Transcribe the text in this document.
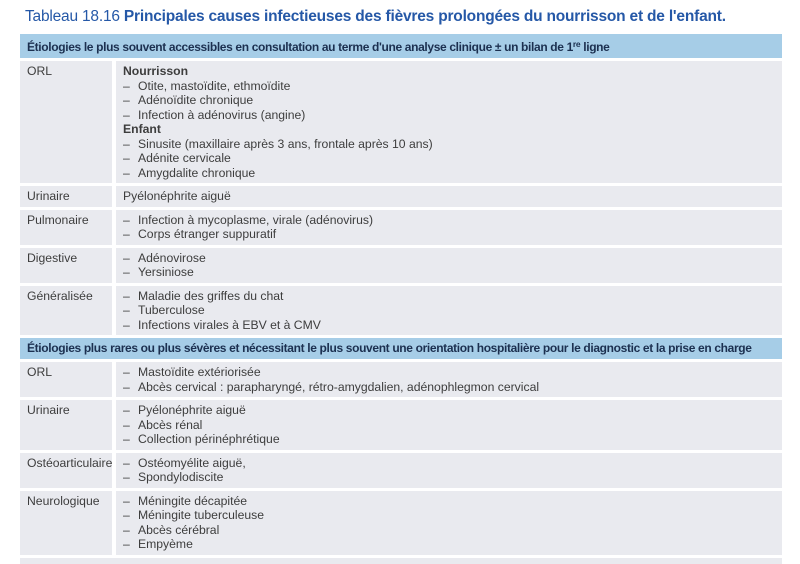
Tableau 18.16 Principales causes infectieuses des fièvres prolongées du nourrisson et de l'enfant.
Étiologies le plus souvent accessibles en consultation au terme d'une analyse clinique ± un bilan de 1re ligne
ORL	Nourrisson
– Otite, mastoïdite, ethmoïdite
– Adénoïdite chronique
– Infection à adénovirus (angine)
Enfant
– Sinusite (maxillaire après 3 ans, frontale après 10 ans)
– Adénite cervicale
– Amygdalite chronique
Urinaire	Pyélonéphrite aiguë
Pulmonaire	– Infection à mycoplasme, virale (adénovirus)
– Corps étranger suppuratif
Digestive	– Adénovirose
– Yersiniose
Généralisée	– Maladie des griffes du chat
– Tuberculose
– Infections virales à EBV et à CMV
Étiologies plus rares ou plus sévères et nécessitant le plus souvent une orientation hospitalière pour le diagnostic et la prise en charge
ORL	– Mastoïdite extériorisée
– Abcès cervical : parapharyngé, rétro-amygdalien, adénophlegmon cervical
Urinaire	– Pyélonéphrite aiguë
– Abcès rénal
– Collection périnéphrétique
Ostéoarticulaire – Ostéomyélite aiguë,
– Spondylodiscite
Neurologique	– Méningite décapitée
– Méningite tuberculeuse
– Abcès cérébral
– Empyème
